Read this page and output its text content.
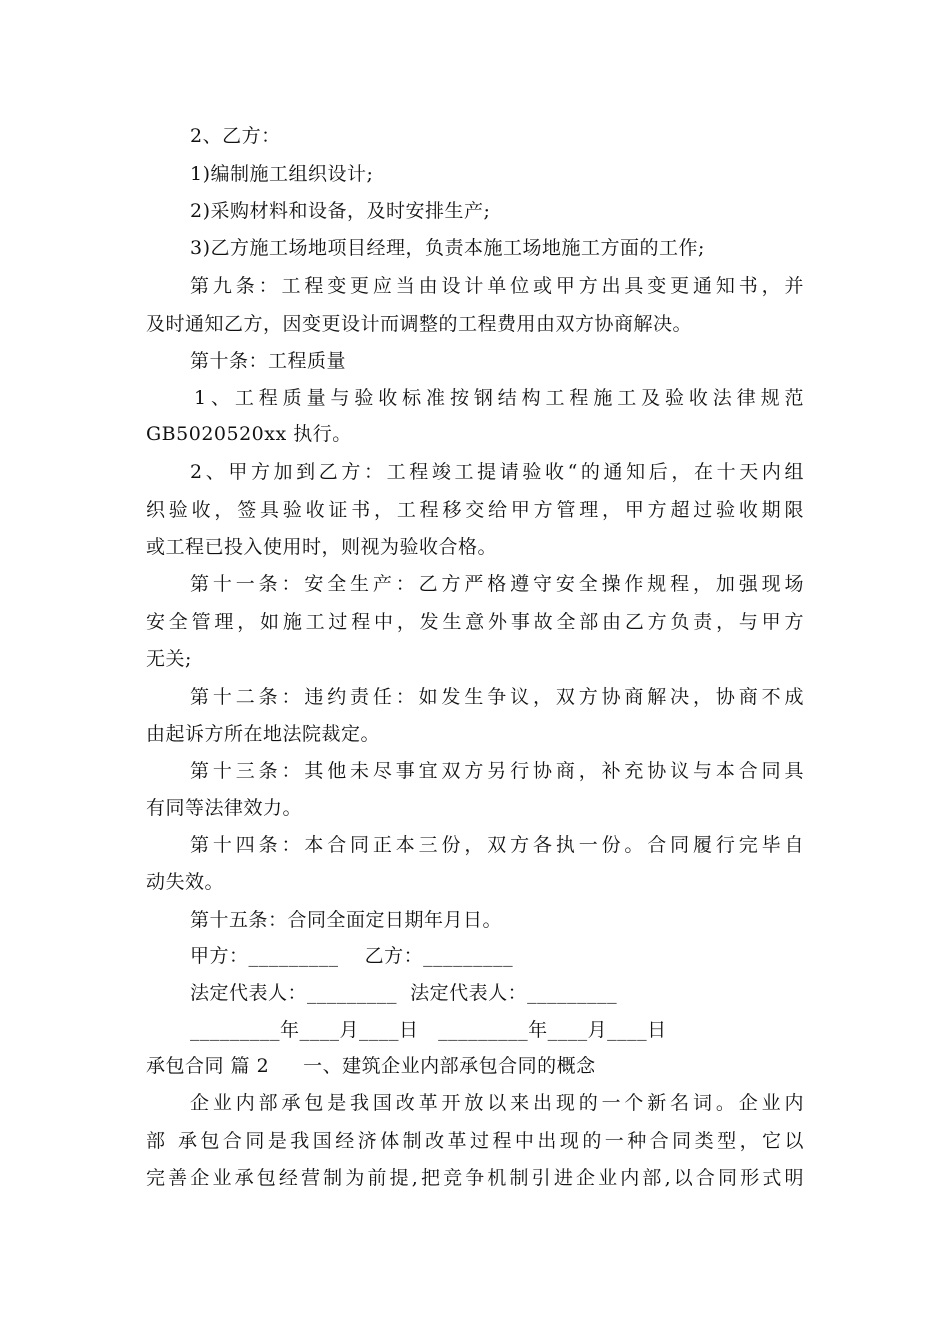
2、乙方：
1)编制施工组织设计;
2)采购材料和设备，及时安排生产;
3)乙方施工场地项目经理，负责本施工场地施工方面的工作;
第九条：工程变更应当由设计单位或甲方出具变更通知书，并
及时通知乙方，因变更设计而调整的工程费用由双方协商解决。
第十条：工程质量
1、工程质量与验收标准按钢结构工程施工及验收法律规范
GB5020520xx 执行。
2、甲方加到乙方：工程竣工提请验收“的通知后，在十天内组
织验收，签具验收证书，工程移交给甲方管理，甲方超过验收期限
或工程已投入使用时，则视为验收合格。
第十一条：安全生产：乙方严格遵守安全操作规程，加强现场
安全管理，如施工过程中，发生意外事故全部由乙方负责，与甲方
无关;
第十二条：违约责任：如发生争议，双方协商解决，协商不成
由起诉方所在地法院裁定。
第十三条：其他未尽事宜双方另行协商，补充协议与本合同具
有同等法律效力。
第十四条：本合同正本三份，双方各执一份。合同履行完毕自
动失效。
第十五条：合同全面定日期年月日。
甲方：_________    乙方：_________
法定代表人：_________  法定代表人：_________
_________年____月____日   _________年____月____日
承包合同 篇 2 一、建筑企业内部承包合同的概念
企业内部承包是我国改革开放以来出现的一个新名词。企业内
部 承包合同是我国经济体制改革过程中出现的一种合同类型，它以
完善企业承包经营制为前提,把竞争机制引进企业内部,以合同形式明
